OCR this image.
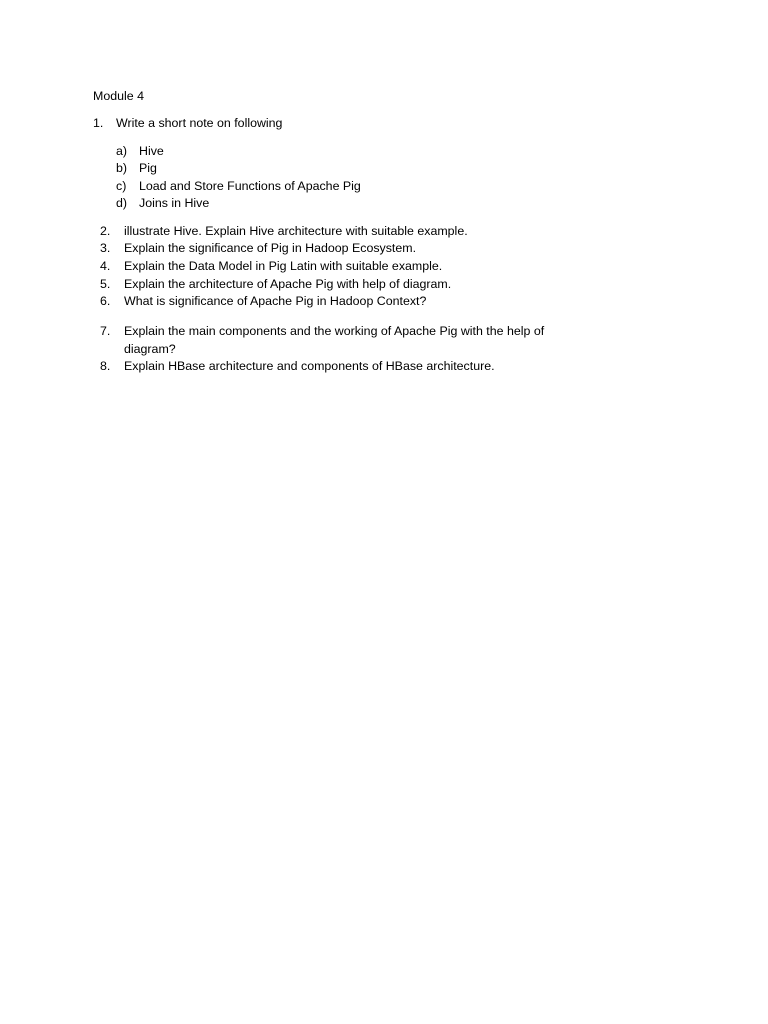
Module 4
1. Write a short note on following
a) Hive
b) Pig
c) Load and Store Functions of Apache Pig
d) Joins in Hive
2. illustrate Hive. Explain Hive architecture with suitable example.
3. Explain the significance of Pig in Hadoop Ecosystem.
4. Explain the Data Model in Pig Latin with suitable example.
5. Explain the architecture of Apache Pig with help of diagram.
6. What is significance of Apache Pig in Hadoop Context?
7. Explain the main components and the working of Apache Pig with the help of diagram?
8. Explain HBase architecture and components of HBase architecture.
